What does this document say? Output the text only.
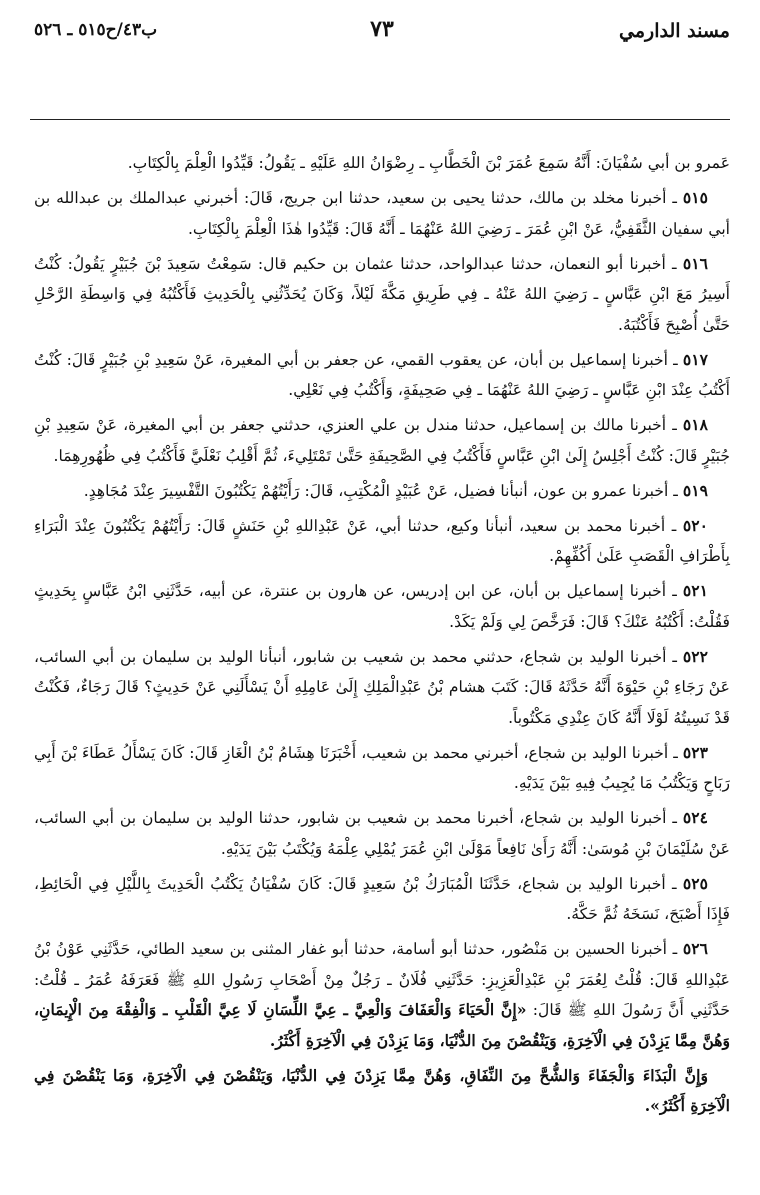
مسند الدارمي
٧٣
ب٤٣/ح٥١٥ ـ ٥٢٦

عَمرو بن أبي سُفْيَانَ: أَنَّهُ سَمِعَ عُمَرَ بْنَ الْخَطَّابِ ـ رِضْوَانُ اللهِ عَلَيْهِ ـ يَقُولُ: قَيِّدُوا الْعِلْمَ بِالْكِتَابِ.

٥١٥ ـ أخبرنا مخلد بن مالك، حدثنا يحيى بن سعيد، حدثنا ابن جريج، قَالَ: أخبرني عبدالملك بن عبدالله بن أبي سفيان الثَّقَفِيُّ، عَنْ ابْنِ عُمَرَ ـ رَضِيَ اللهُ عَنْهُمَا ـ أَنَّهُ قَالَ: قَيِّدُوا هٰذَا الْعِلْمَ بِالْكِتَابِ.

٥١٦ ـ أخبرنا أبو النعمان، حدثنا عبدالواحد، حدثنا عثمان بن حكيم قال: سَمِعْتُ سَعِيدَ بْنَ جُبَيْرٍ يَقُولُ: كُنْتُ أَسِيرُ مَعَ ابْنِ عَبَّاسٍ ـ رَضِيَ اللهُ عَنْهُ ـ فِي طَرِيقِ مَكَّةَ لَيْلاً، وَكَانَ يُحَدِّثُنِي بِالْحَدِيثِ فَأَكْتُبُهُ فِي وَاسِطَةِ الرَّحْلِ حَتَّىٰ أُصْبِحَ فَأَكْتُبَهُ.

٥١٧ ـ أخبرنا إسماعيل بن أبان، عن يعقوب القمي، عن جعفر بن أبي المغيرة، عَنْ سَعِيدِ بْنِ جُبَيْرٍ قَالَ: كُنْتُ أَكْتُبُ عِنْدَ ابْنِ عَبَّاسٍ ـ رَضِيَ اللهُ عَنْهُمَا ـ فِي صَحِيفَةٍ، وَأَكْتُبُ فِي نَعْلِي.

٥١٨ ـ أخبرنا مالك بن إسماعيل، حدثنا مندل بن علي العنزي، حدثني جعفر بن أبي المغيرة، عَنْ سَعِيدِ بْنِ جُبَيْرٍ قَالَ: كُنْتُ أَجْلِسُ إِلَىٰ ابْنِ عَبَّاسٍ فَأَكْتُبُ فِي الصَّحِيفَةِ حَتَّىٰ تَمْتَلِيءَ، ثُمَّ أَقْلِبُ نَعْلَيَّ فَأَكْتُبُ فِي ظُهُورِهِمَا.

٥١٩ ـ أخبرنا عمرو بن عون، أنبأنا فضيل، عَنْ عُبَيْدٍ الْمُكْتِبِ، قَالَ: رَأَيْتُهُمْ يَكْتُبُونَ التَّفْسِيرَ عِنْدَ مُجَاهِدٍ.

٥٢٠ ـ أخبرنا محمد بن سعيد، أنبأنا وكيع، حدثنا أبي، عَنْ عَبْدِاللهِ بْنِ حَنَشٍ قَالَ: رَأَيْتُهُمْ يَكْتُبُونَ عِنْدَ الْبَرَاءِ بِأَطْرَافِ الْقَصَبِ عَلَىٰ أَكُفِّهِمْ.

٥٢١ ـ أخبرنا إسماعيل بن أبان، عن ابن إدريس، عن هارون بن عنترة، عن أبيه، حَدَّثَنِي ابْنُ عَبَّاسٍ بِحَدِيثٍ فَقُلْتُ: أَكْتُبُهُ عَنْكَ؟ قَالَ: فَرَخَّصَ لِي وَلَمْ يَكَدْ.

٥٢٢ ـ أخبرنا الوليد بن شجاع، حدثني محمد بن شعيب بن شابور، أنبأنا الوليد بن سليمان بن أبي السائب، عَنْ رَجَاءِ بْنِ حَيْوَةَ أَنَّهُ حَدَّثَهُ قَالَ: كَتَبَ هشام بْنُ عَبْدِالْمَلِكِ إِلَىٰ عَامِلِهِ أَنْ يَسْأَلَنِي عَنْ حَدِيثٍ؟ قَالَ رَجَاءٌ، فَكُنْتُ قَدْ نَسِيتُهُ لَوْلَا أَنَّهُ كَانَ عِنْدِي مَكْتُوباً.

٥٢٣ ـ أخبرنا الوليد بن شجاع، أخبرني محمد بن شعيب، أَخْبَرَنَا هِشَامُ بْنُ الْغَازِ قَالَ: كَانَ يَسْأَلُ عَطَاءَ بْنَ أَبِي رَبَاحٍ وَيَكْتُبُ مَا يُجِيبُ فِيهِ بَيْنَ يَدَيْهِ.

٥٢٤ ـ أخبرنا الوليد بن شجاع، أخبرنا محمد بن شعيب بن شابور، حدثنا الوليد بن سليمان بن أبي السائب، عَنْ سُلَيْمَانَ بْنِ مُوسَىٰ: أَنَّهُ رَأَىٰ نَافِعاً مَوْلَىٰ ابْنِ عُمَرَ يُمْلِي عِلْمَهُ وَيُكْتَبُ بَيْنَ يَدَيْهِ.

٥٢٥ ـ أخبرنا الوليد بن شجاع، حَدَّثَنَا الْمُبَارَكُ بْنُ سَعِيدٍ قَالَ: كَانَ سُفْيَانُ يَكْتُبُ الْحَدِيثَ بِاللَّيْلِ فِي الْحَائِطِ، فَإِذَا أَصْبَحَ، نَسَخَهُ ثُمَّ حَكَّهُ.

٥٢٦ ـ أخبرنا الحسين بن مَنْصُور، حدثنا أبو أسامة، حدثنا أبو غفار المثنى بن سعيد الطائي، حَدَّثَنِي عَوْنُ بْنُ عَبْدِاللهِ قَالَ: قُلْتُ لِعُمَرَ بْنِ عَبْدِالْعَزِيزِ: حَدَّثَنِي فُلَانٌ ـ رَجُلٌ مِنْ أَصْحَابِ رَسُولِ اللهِ ﷺ فَعَرَفَهُ عُمَرُ ـ قُلْتُ: حَدَّثَنِي أَنَّ رَسُولَ اللهِ ﷺ قَالَ: «إِنَّ الْحَيَاءَ وَالْعَفَافَ وَالْعِيَّ ـ عِيَّ اللِّسَانِ لَا عِيَّ الْقَلْبِ ـ وَالْفِقْهَ مِنَ الْإِيمَانِ، وَهُنَّ مِمَّا يَزِدْنَ فِي الْآخِرَةِ، وَيَنْقُصْنَ مِنَ الدُّنْيَا، وَمَا يَزِدْنَ فِي الْآخِرَةِ أَكْثَرُ.

وَإِنَّ الْبَذَاءَ وَالْجَفَاءَ وَالشُّحَّ مِنَ النِّفَاقِ، وَهُنَّ مِمَّا يَزِدْنَ فِي الدُّنْيَا، وَيَنْقُصْنَ فِي الْآخِرَةِ، وَمَا يَنْقُصْنَ فِي الْآخِرَةِ أَكْثَرُ».
